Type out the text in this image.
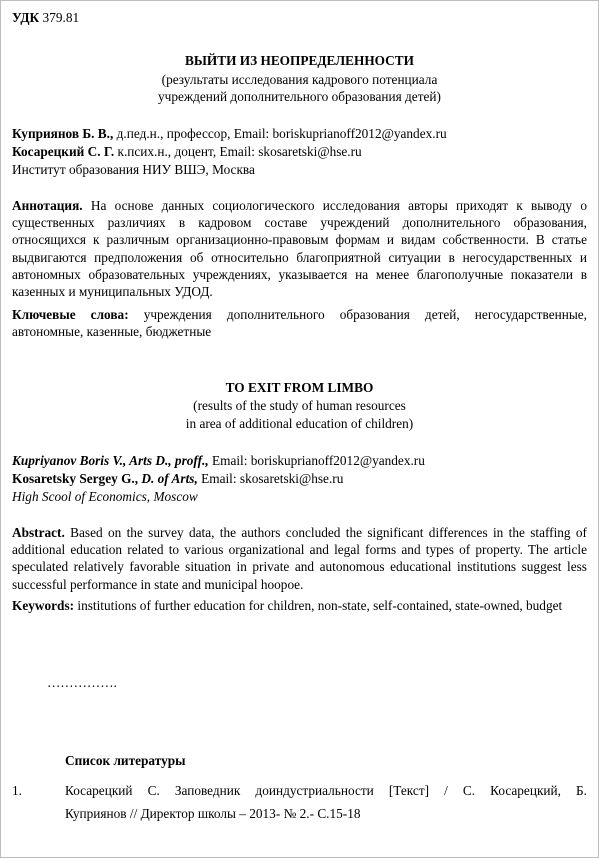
УДК 379.81
ВЫЙТИ ИЗ НЕОПРЕДЕЛЕННОСТИ
(результаты исследования кадрового потенциала
учреждений дополнительного образования детей)
Куприянов Б. В., д.пед.н., профессор, Email: boriskuprianoff2012@yandex.ru
Косарецкий С. Г. к.псих.н., доцент, Email: skosaretski@hse.ru
Институт образования НИУ ВШЭ, Москва
Аннотация. На основе данных социологического исследования авторы приходят к выводу о существенных различиях в кадровом составе учреждений дополнительного образования, относящихся к различным организационно-правовым формам и видам собственности. В статье выдвигаются предположения об относительно благоприятной ситуации в негосударственных и автономных образовательных учреждениях, указывается на менее благополучные показатели в казенных и муниципальных УДОД.
Ключевые слова: учреждения дополнительного образования детей, негосударственные, автономные, казенные, бюджетные
TO EXIT FROM LIMBO
(results of the study of human resources
in area of additional education of children)
Kupriyanov Boris V., Arts D., proff., Email: boriskuprianoff2012@yandex.ru
Kosaretsky Sergey G., D. of Arts, Email: skosaretski@hse.ru
High Scool of Economics, Moscow
Abstract. Based on the survey data, the authors concluded the significant differences in the staffing of additional education related to various organizational and legal forms and types of property. The article speculated relatively favorable situation in private and autonomous educational institutions suggest less successful performance in state and municipal hoopoe.
Keywords: institutions of further education for children, non-state, self-contained, state-owned, budget
…………….
Список литературы
1.	Косарецкий С. Заповедник доиндустриальности [Текст] / С. Косарецкий, Б.
Куприянов // Директор школы – 2013- № 2.- С.15-18
